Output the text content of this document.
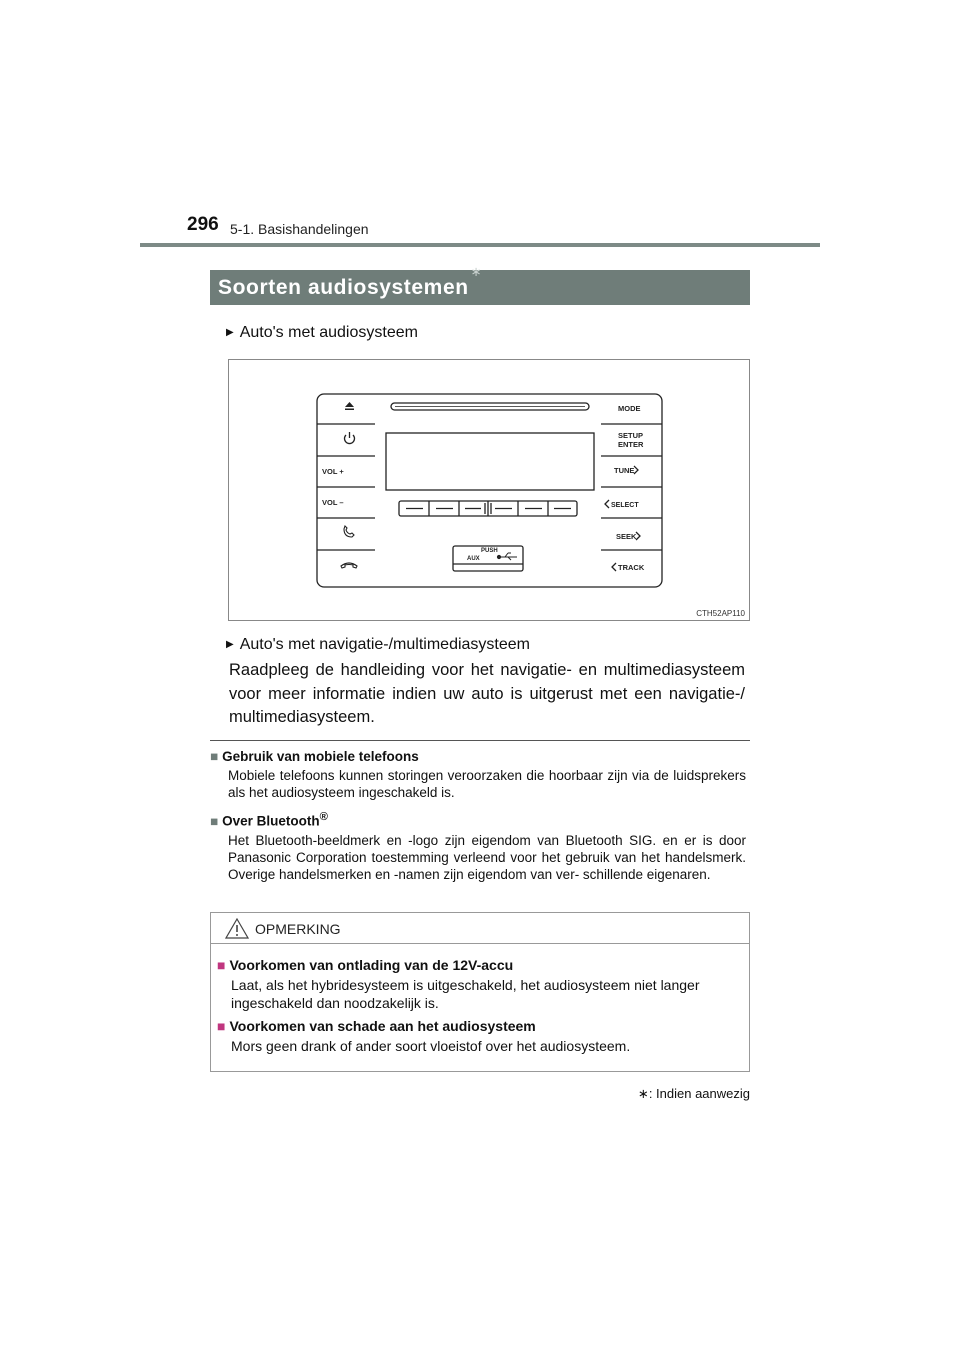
296 5-1. Basishandelingen
Soorten audiosystemen∗
▶ Auto's met audiosysteem
MODE
SETUP
ENTER
TUNE
SELECT
SEEK
TRACK
VOL +
VOL –
PUSH
AUX
CTH52AP110
▶ Auto's met navigatie-/multimediasysteem
Raadpleeg de handleiding voor het navigatie- en multimediasysteem voor meer informatie indien uw auto is uitgerust met een navigatie-/ multimediasysteem.
■ Gebruik van mobiele telefoons
Mobiele telefoons kunnen storingen veroorzaken die hoorbaar zijn via de luidsprekers als het audiosysteem ingeschakeld is.
■ Over Bluetooth®
Het Bluetooth-beeldmerk en -logo zijn eigendom van Bluetooth SIG. en er is door Panasonic Corporation toestemming verleend voor het gebruik van het handelsmerk. Overige handelsmerken en -namen zijn eigendom van ver- schillende eigenaren.
OPMERKING
■ Voorkomen van ontlading van de 12V-accu
Laat, als het hybridesysteem is uitgeschakeld, het audiosysteem niet langer ingeschakeld dan noodzakelijk is.
■ Voorkomen van schade aan het audiosysteem
Mors geen drank of ander soort vloeistof over het audiosysteem.
∗: Indien aanwezig
